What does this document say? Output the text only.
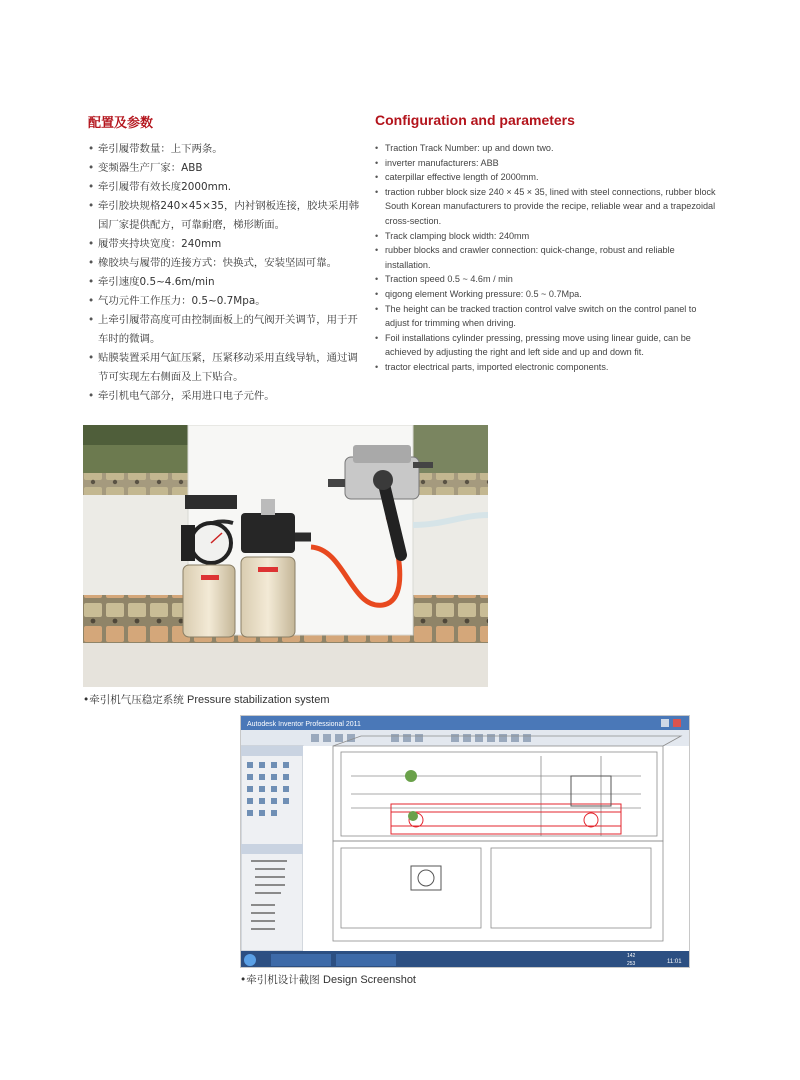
配置及参数
• 牵引履带数量：上下两条。
• 变频器生产厂家：ABB
• 牵引履带有效长度2000mm.
• 牵引胶块规格240×45×35，内衬钢板连接，胶块采用韩国厂家提供配方，可靠耐磨，梯形断面。
• 履带夹持块宽度：240mm
• 橡胶块与履带的连接方式：快换式，安装坚固可靠。
• 牵引速度0.5~4.6m/min
• 气功元件工作压力：0.5~0.7Mpa。
• 上牵引履带高度可由控制面板上的气阀开关调节，用于开车时的微调。
• 贴膜装置采用气缸压紧，压紧移动采用直线导轨，通过调节可实现左右侧面及上下贴合。
• 牵引机电气部分，采用进口电子元件。
Configuration and parameters
• Traction Track Number: up and down two.
• inverter manufacturers: ABB
• caterpillar effective length of 2000mm.
• traction rubber block size 240 × 45 × 35, lined with steel connections, rubber block South Korean manufacturers to provide the recipe, reliable wear and a trapezoidal cross-section.
• Track clamping block width: 240mm
• rubber blocks and crawler connection: quick-change, robust and reliable installation.
• Traction speed 0.5 ~ 4.6m / min
• qigong element Working pressure: 0.5 ~ 0.7Mpa.
• The height can be tracked traction control valve switch on the control panel to adjust for trimming when driving.
• Foil installations cylinder pressing, pressing move using linear guide, can be achieved by adjusting the right and left side and up and down fit.
• tractor electrical parts, imported electronic components.
•牵引机气压稳定系统 Pressure stabilization system
Autodesk Inventor Professional 2011
142
253	11:01
•牵引机设计截图 Design Screenshot
